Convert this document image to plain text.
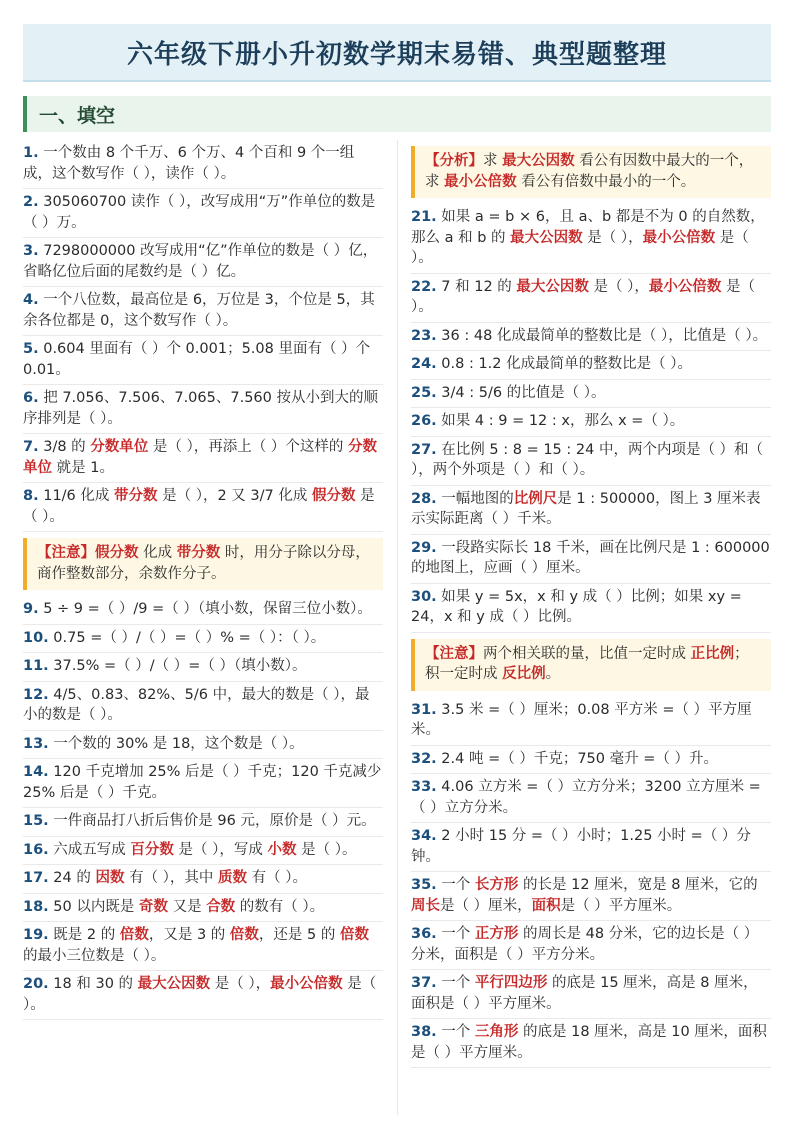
六年级下册小升初数学期末易错、典型题整理
一、填空
1. 一个数由 8 个千万、6 个万、4 个百和 9 个一组成，这个数写作（ ），读作（ ）。
2. 305060700 读作（ ），改写成用“万”作单位的数是（ ）万。
3. 7298000000 改写成用“亿”作单位的数是（ ）亿，省略亿位后面的尾数约是（ ）亿。
4. 一个八位数，最高位是 6，万位是 3，个位是 5，其余各位都是 0，这个数写作（ ）。
5. 0.604 里面有（ ）个 0.001；5.08 里面有（ ）个 0.01。
6. 把 7.056、7.506、7.065、7.560 按从小到大的顺序排列是（ ）。
7. 3/8 的 分数单位 是（ ），再添上（ ）个这样的 分数单位 就是 1。
8. 11/6 化成 带分数 是（ ），2 又 3/7 化成 假分数 是（ ）。
【注意】假分数 化成 带分数 时，用分子除以分母，商作整数部分，余数作分子。
9. 5 ÷ 9 =（ ）/9 =（ ）（填小数，保留三位小数）。
10. 0.75 =（ ）/（ ）=（ ）% =（ ）：（ ）。
11. 37.5% =（ ）/（ ）=（ ）（填小数）。
12. 4/5、0.83、82%、5/6 中，最大的数是（ ），最小的数是（ ）。
13. 一个数的 30% 是 18，这个数是（ ）。
14. 120 千克增加 25% 后是（ ）千克；120 千克减少 25% 后是（ ）千克。
15. 一件商品打八折后售价是 96 元，原价是（ ）元。
16. 六成五写成 百分数 是（ ），写成 小数 是（ ）。
17. 24 的 因数 有（ ），其中 质数 有（ ）。
18. 50 以内既是 奇数 又是 合数 的数有（ ）。
19. 既是 2 的 倍数，又是 3 的 倍数，还是 5 的 倍数 的最小三位数是（ ）。
20. 18 和 30 的 最大公因数 是（ ），最小公倍数 是（ ）。
【分析】求 最大公因数 看公有因数中最大的一个，求 最小公倍数 看公有倍数中最小的一个。
21. 如果 a = b × 6，且 a、b 都是不为 0 的自然数，那么 a 和 b 的 最大公因数 是（ ），最小公倍数 是（ ）。
22. 7 和 12 的 最大公因数 是（ ），最小公倍数 是（ ）。
23. 36 : 48 化成最简单的整数比是（ ），比值是（ ）。
24. 0.8 : 1.2 化成最简单的整数比是（ ）。
25. 3/4 : 5/6 的比值是（ ）。
26. 如果 4 : 9 = 12 : x，那么 x =（ ）。
27. 在比例 5 : 8 = 15 : 24 中，两个内项是（ ）和（ ），两个外项是（ ）和（ ）。
28. 一幅地图的比例尺是 1 : 500000，图上 3 厘米表示实际距离（ ）千米。
29. 一段路实际长 18 千米，画在比例尺是 1 : 600000 的地图上，应画（ ）厘米。
30. 如果 y = 5x，x 和 y 成（ ）比例；如果 xy = 24，x 和 y 成（ ）比例。
【注意】两个相关联的量，比值一定时成 正比例；积一定时成 反比例。
31. 3.5 米 =（ ）厘米；0.08 平方米 =（ ）平方厘米。
32. 2.4 吨 =（ ）千克；750 毫升 =（ ）升。
33. 4.06 立方米 =（ ）立方分米；3200 立方厘米 =（ ）立方分米。
34. 2 小时 15 分 =（ ）小时；1.25 小时 =（ ）分钟。
35. 一个 长方形 的长是 12 厘米，宽是 8 厘米，它的周长是（ ）厘米，面积是（ ）平方厘米。
36. 一个 正方形 的周长是 48 分米，它的边长是（ ）分米，面积是（ ）平方分米。
37. 一个 平行四边形 的底是 15 厘米，高是 8 厘米，面积是（ ）平方厘米。
38. 一个 三角形 的底是 18 厘米，高是 10 厘米，面积是（ ）平方厘米。
